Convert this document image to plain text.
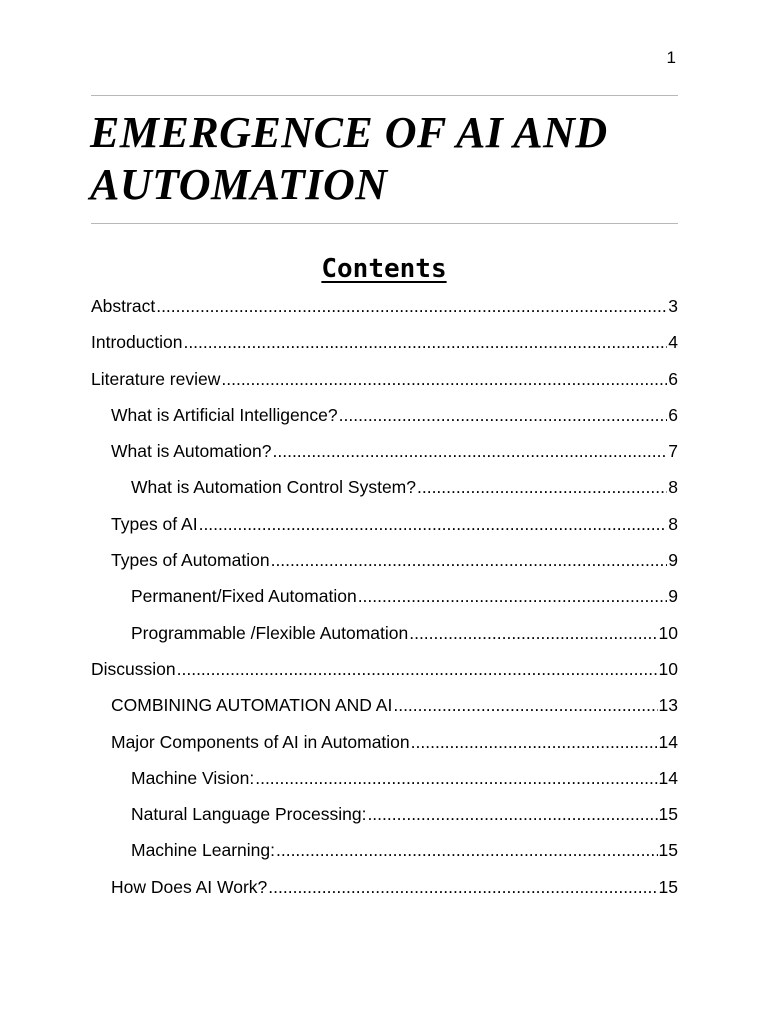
1
EMERGENCE OF AI AND AUTOMATION
Contents
Abstract .....	3
Introduction .....	4
Literature review .....	6
What is Artificial Intelligence? .....	6
What is Automation? .....	7
What is Automation Control System? .....	8
Types of AI .....	8
Types of Automation .....	9
Permanent/Fixed Automation .....	9
Programmable /Flexible Automation .....	10
Discussion .....	10
COMBINING AUTOMATION AND AI .....	13
Major Components of AI in Automation .....	14
Machine Vision: .....	14
Natural Language Processing: .....	15
Machine Learning: .....	15
How Does AI Work? .....	15
